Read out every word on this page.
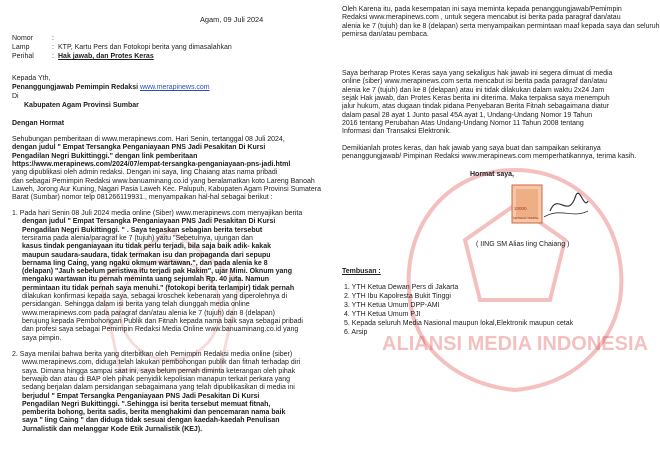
ALIANSI MEDIA INDONESIA
Agam, 09 Juli 2024
Nomor	:
Lamp	: KTP, Kartu Pers dan Fotokopi berita yang dimasalahkan
Perihal	: Hak jawab, dan Protes Keras
Kepada Yth,
Penanggungjawab Pemimpin Redaksi www.merapinews.com
Di
Kabupaten Agam Provinsi Sumbar
Dengan Hormat
Sehubungan pemberitaan di www.merapinews.com. Hari Senin, tertanggal 08 Juli 2024,
dengan judul " Empat Tersangka Penganiayaan PNS Jadi Pesakitan Di Kursi
Pengadilan Negri Bukittinggi." dengan link pemberitaan
https://www.merapinews.com/2024/07/empat-tersangka-penganiayaan-pns-jadi.html
yang dipublikasi oleh admin redaksi. Dengan ini saya, Iing Chaiang atas nama pribadi
dan sebagai Pemimpin Redaksi www.banuaminang.co.id yang beralamatkan koto Lareng Banoah
Laweh, Jorong Aur Kuning, Nagari Pasia Laweh Kec. Palupuh, Kabupaten Agam Provinsi Sumatera
Barat (Sumbar) nomor telp 081266119931., menyampaikan hal-hal sebagai berikut :
1. Pada hari Senin 08 Juli 2024 media online (Siber) www.merapinews.com menyajikan berita
dengan judul " Empat Tersangka Penganiayaan PNS Jadi Pesakitan Di Kursi
Pengadilan Negri Bukittinggi. " . Saya tegaskan sebagian berita tersebut
tersirama pada alenia/paragraf ke 7 (tujuh) yaitu "Sebetulnya, ujungan dan
kasus tindak penganiayaan itu tidak perlu terjadi, bila saja baik adik- kakak
maupun saudara-saudara, tidak termakan isu dan propaganda dari sepupu
bernama Iing Caing, yang ngaku okmum wartawan.", dan pada alenia ke 8
(delapan) "Jauh sebelum peristiwa itu terjadi pak Hakim", ujar Mimi. Oknum yang
mengaku wartawan itu pernah meminta uang sejumlah Rp. 40 juta. Namun
permintaan itu tidak pernah saya menuhi." (fotokopi berita terlampir) tidak pernah
dilakukan konfirmasi kepada saya, sebagai kroschek kebenaran yang diperolehnya di
persidangan. Sehingga dalam isi berita yang telah diunggah media online
www.merapinews.com pada paragraf dan/atau alenia ke 7 (tujuh) dan 8 (delapan)
berujung kepada Pembohongan Publik dan Fitnah kepada nama baik saya sebagai pribadi
dan profesi saya sebagai Pemimpin Redaksi Media Online www.banuaminang.co.id yang
saya pimpin.
2. Saya menilai bahwa berita yang diterbitkan oleh Pemimpin Redaksi media online (siber)
www.merapinews.com, diduga telah lakukan pembohongan publik dan fitnah terhadap diri
saya. Dimana hingga sampai saat ini, saya belum pernah diminta keterangan oleh pihak
berwajib dan atau di BAP oleh pihak penyidik kepolisian manapun terkait perkara yang
sedang berjalan dalam persidangan sebagaimana yang telah dipublikasikan di media ini
berjudul " Empat Tersangka Penganiayaan PNS Jadi Pesakitan Di Kursi
Pengadilan Negri Bukittinggi. ".Sehingga isi berita tersebut memuat fitnah,
pemberita bohong, berita sadis, berita menghakimi dan pencemaran nama baik
saya " Iing Caing " dan diduga tidak sesuai dengan kaedah-kaedah Penulisan
Jurnalistik dan melanggar Kode Etik Jurnalistik (KEJ).
Oleh Karena itu, pada kesempatan ini saya meminta kepada penanggungjawab/Pemimpin
Redaksi www.merapinews.com , untuk segera mencabut isi berita pada paragraf dan/atau
alenia ke 7 (tujuh) dan ke 8 (delapan) serta menyampaikan permintaan maaf kepada saya dan seluruh
pemirsa dan/atau pembaca.
Saya berharap Protes Keras saya yang sekaligus hak jawab ini segera dimuat di media
online (siber) www.merapinews.com serta mencabut isi berita pada paragraf dan/atau
alenia ke 7 (tujuh) dan ke 8 (delapan) atau ini tidak dilakukan dalam waktu 2x24 Jam
sejak Hak jawab, dan Protes Keras berita ini diterima. Maka terpaksa saya menempuh
jalur hukum, atas dugaan tindak pidana Penyebaran Berita Fitnah sebagaimana diatur
dalam pasal 28 ayat 1 Junto pasal 45A ayat 1, Undang-Undang Nomor 19 Tahun
2016 tentang Perubahan Atas Undang-Undang Nomor 11 Tahun 2008 tentang
Informasi dan Transaksi Elektronik.
Demikianlah protes keras, dan hak jawab yang saya buat dan sampaikan sekiranya
penanggungjawab/ Pimpinan Redaksi www.merapinews.com memperhatikannya, terima kasih.
Hormat saya,
10000
METERAI TEMPEL
( IING SM Alias Iing Chaiang )
Tembusan :
1. YTH Ketua Dewan Pers di Jakarta
2. YTH Ibu Kapolresta Bukit Tinggi
3. YTH Ketua Umum DPP-AMI
4. YTH Ketua Umum PJI
5. Kepada seluruh Media Nasional maupun lokal,Elektronik maupun cetak
6. Arsip
